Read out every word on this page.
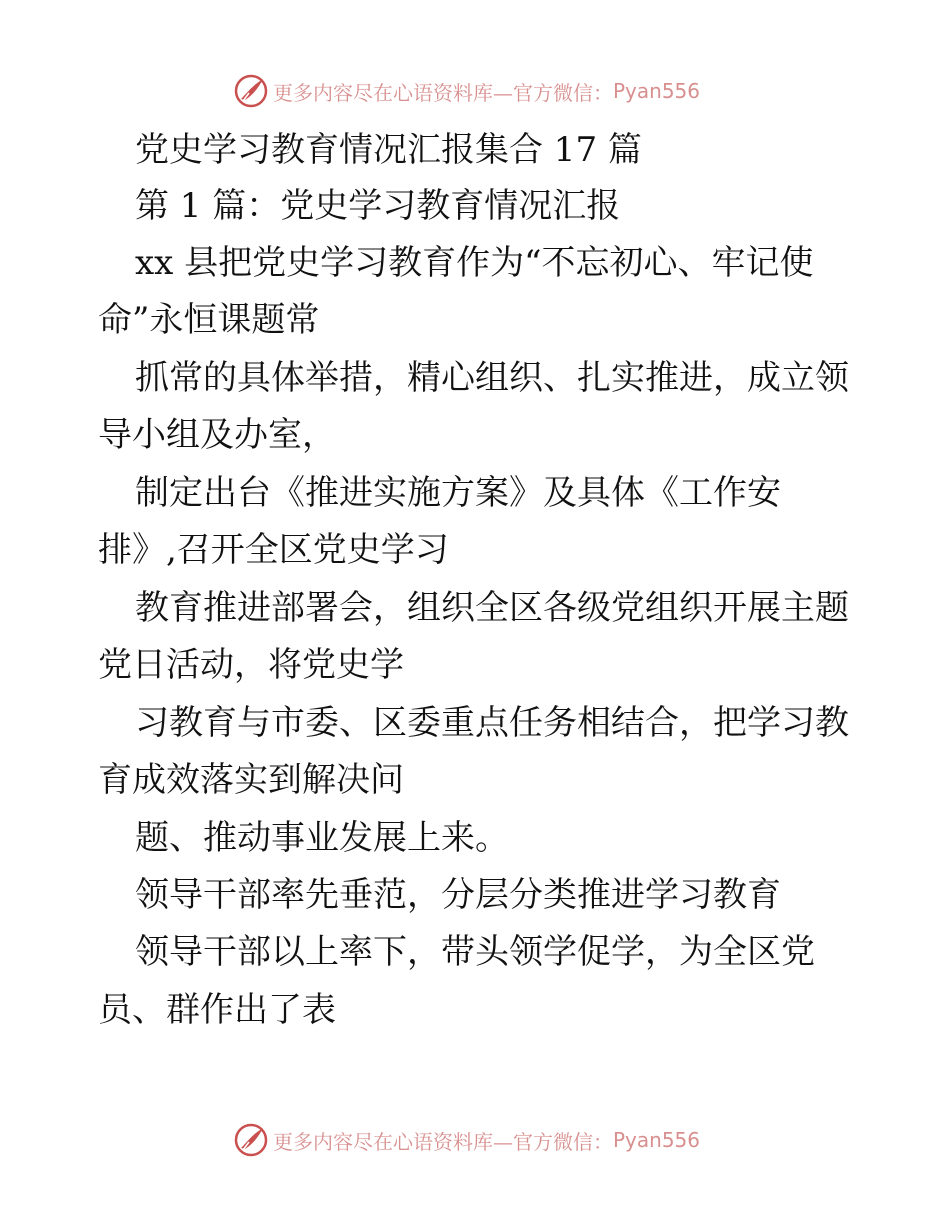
更多内容尽在心语资料库—官方微信： Pyan556
党史学习教育情况汇报集合 17 篇
第 1 篇：党史学习教育情况汇报
xx 县把党史学习教育作为“不忘初心、牢记使
命”永恒课题常
抓常的具体举措，精心组织、扎实推进，成立领
导小组及办室，
制定出台《推进实施方案》及具体《工作安
排》,召开全区党史学习
教育推进部署会，组织全区各级党组织开展主题
党日活动，将党史学
习教育与市委、区委重点任务相结合，把学习教
育成效落实到解决问
题、推动事业发展上来。
领导干部率先垂范，分层分类推进学习教育
领导干部以上率下，带头领学促学，为全区党
员、群作出了表
更多内容尽在心语资料库—官方微信： Pyan556
